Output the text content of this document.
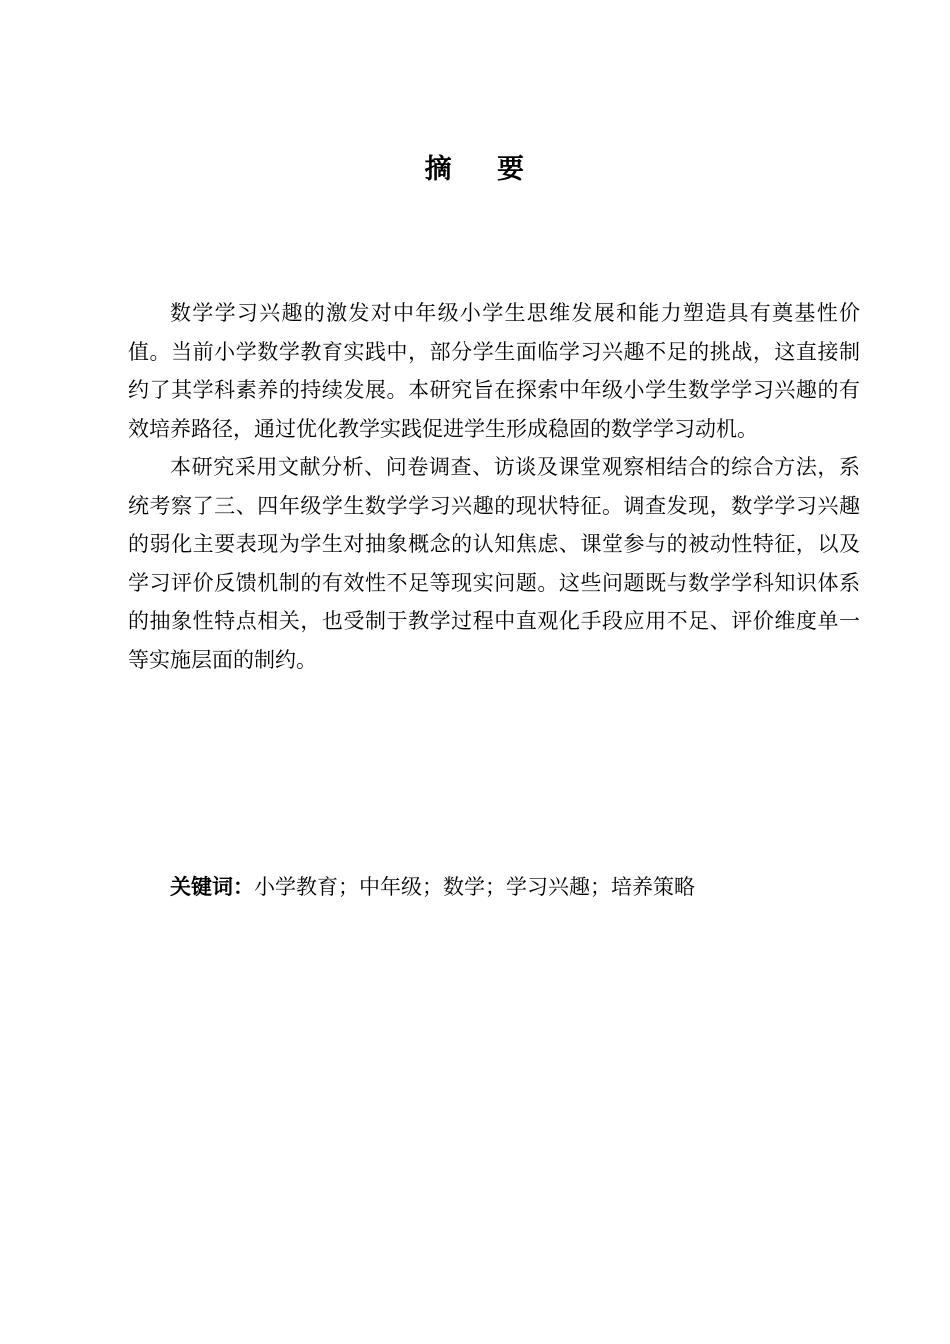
摘 要

数学学习兴趣的激发对中年级小学生思维发展和能力塑造具有奠基性价值。当前小学数学教育实践中，部分学生面临学习兴趣不足的挑战，这直接制约了其学科素养的持续发展。本研究旨在探索中年级小学生数学学习兴趣的有效培养路径，通过优化教学实践促进学生形成稳固的数学学习动机。

本研究采用文献分析、问卷调查、访谈及课堂观察相结合的综合方法，系统考察了三、四年级学生数学学习兴趣的现状特征。调查发现，数学学习兴趣的弱化主要表现为学生对抽象概念的认知焦虑、课堂参与的被动性特征，以及学习评价反馈机制的有效性不足等现实问题。这些问题既与数学学科知识体系的抽象性特点相关，也受制于教学过程中直观化手段应用不足、评价维度单一等实施层面的制约。

关键词：小学教育；中年级；数学；学习兴趣；培养策略
